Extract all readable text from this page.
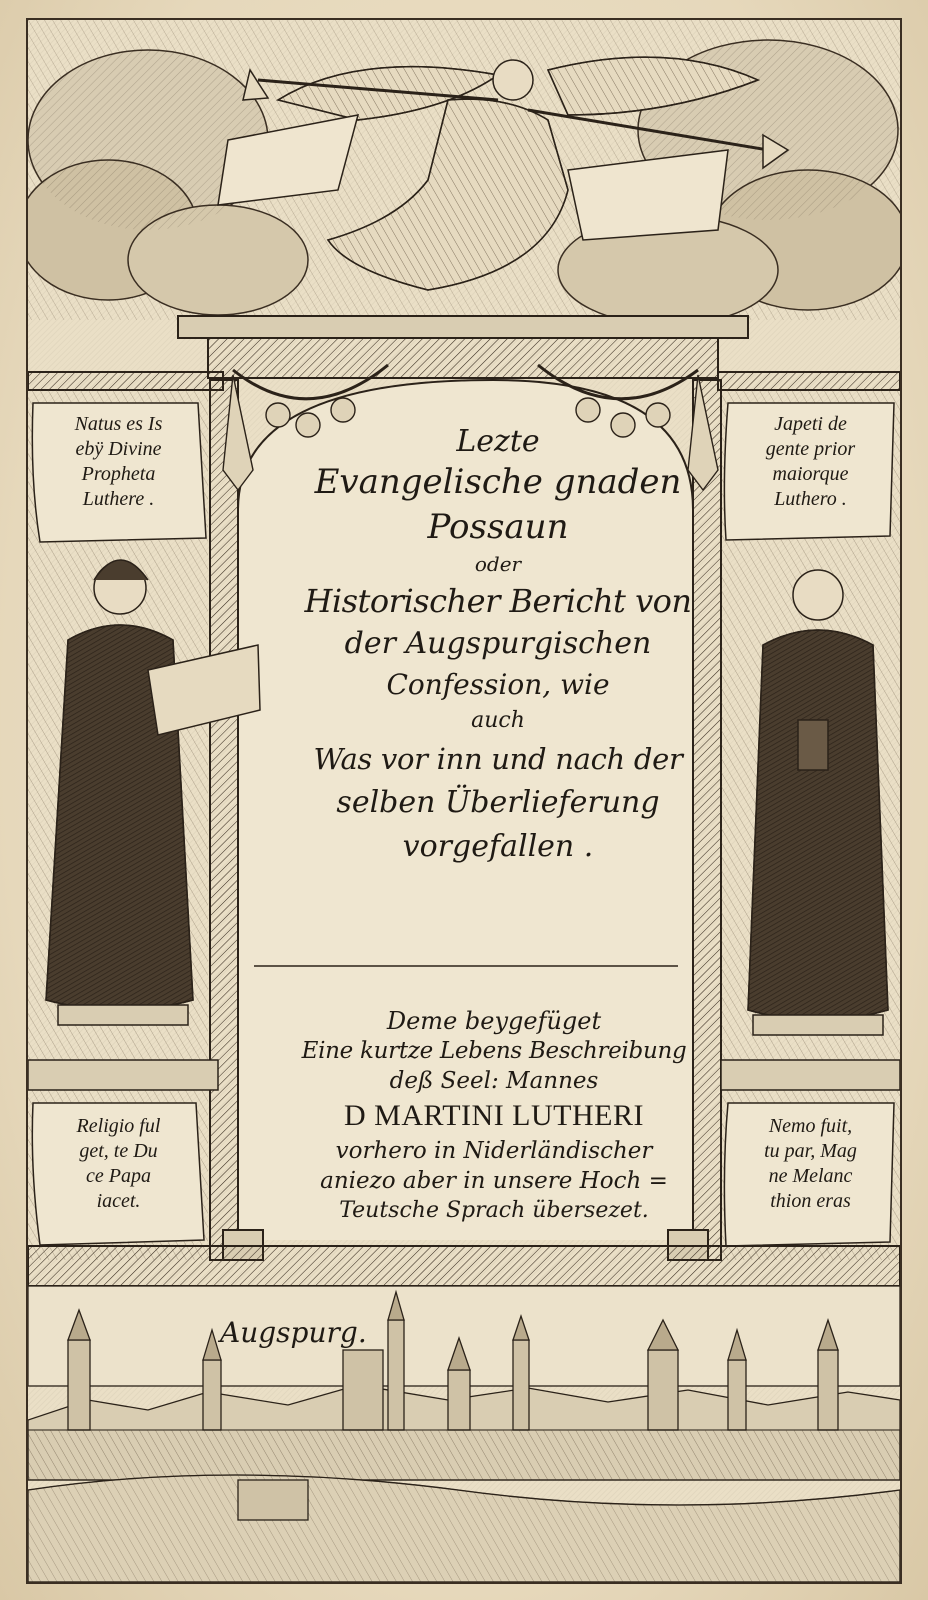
Natus es Is
ebÿ Divine
Propheta
Luthere .
Japeti de
gente prior
maiorque
Luthero .
Religio ful
get, te Du
ce Papa
iacet.
Nemo fuit,
tu par, Mag
ne Melanc
thion eras
Lezte
Evangelische gnaden
Possaun
oder
Historischer Bericht von
der Augspurgischen
Confession, wie
auch
Was vor inn und nach der
selben Überlieferung
vorgefallen .
Deme beygefüget
Eine kurtze Lebens Beschreibung
deß Seel: Mannes
D MARTINI LUTHERI
vorhero in Niderländischer
aniezo aber in unsere Hoch =
Teutsche Sprach übersezet.
Augspurg.
